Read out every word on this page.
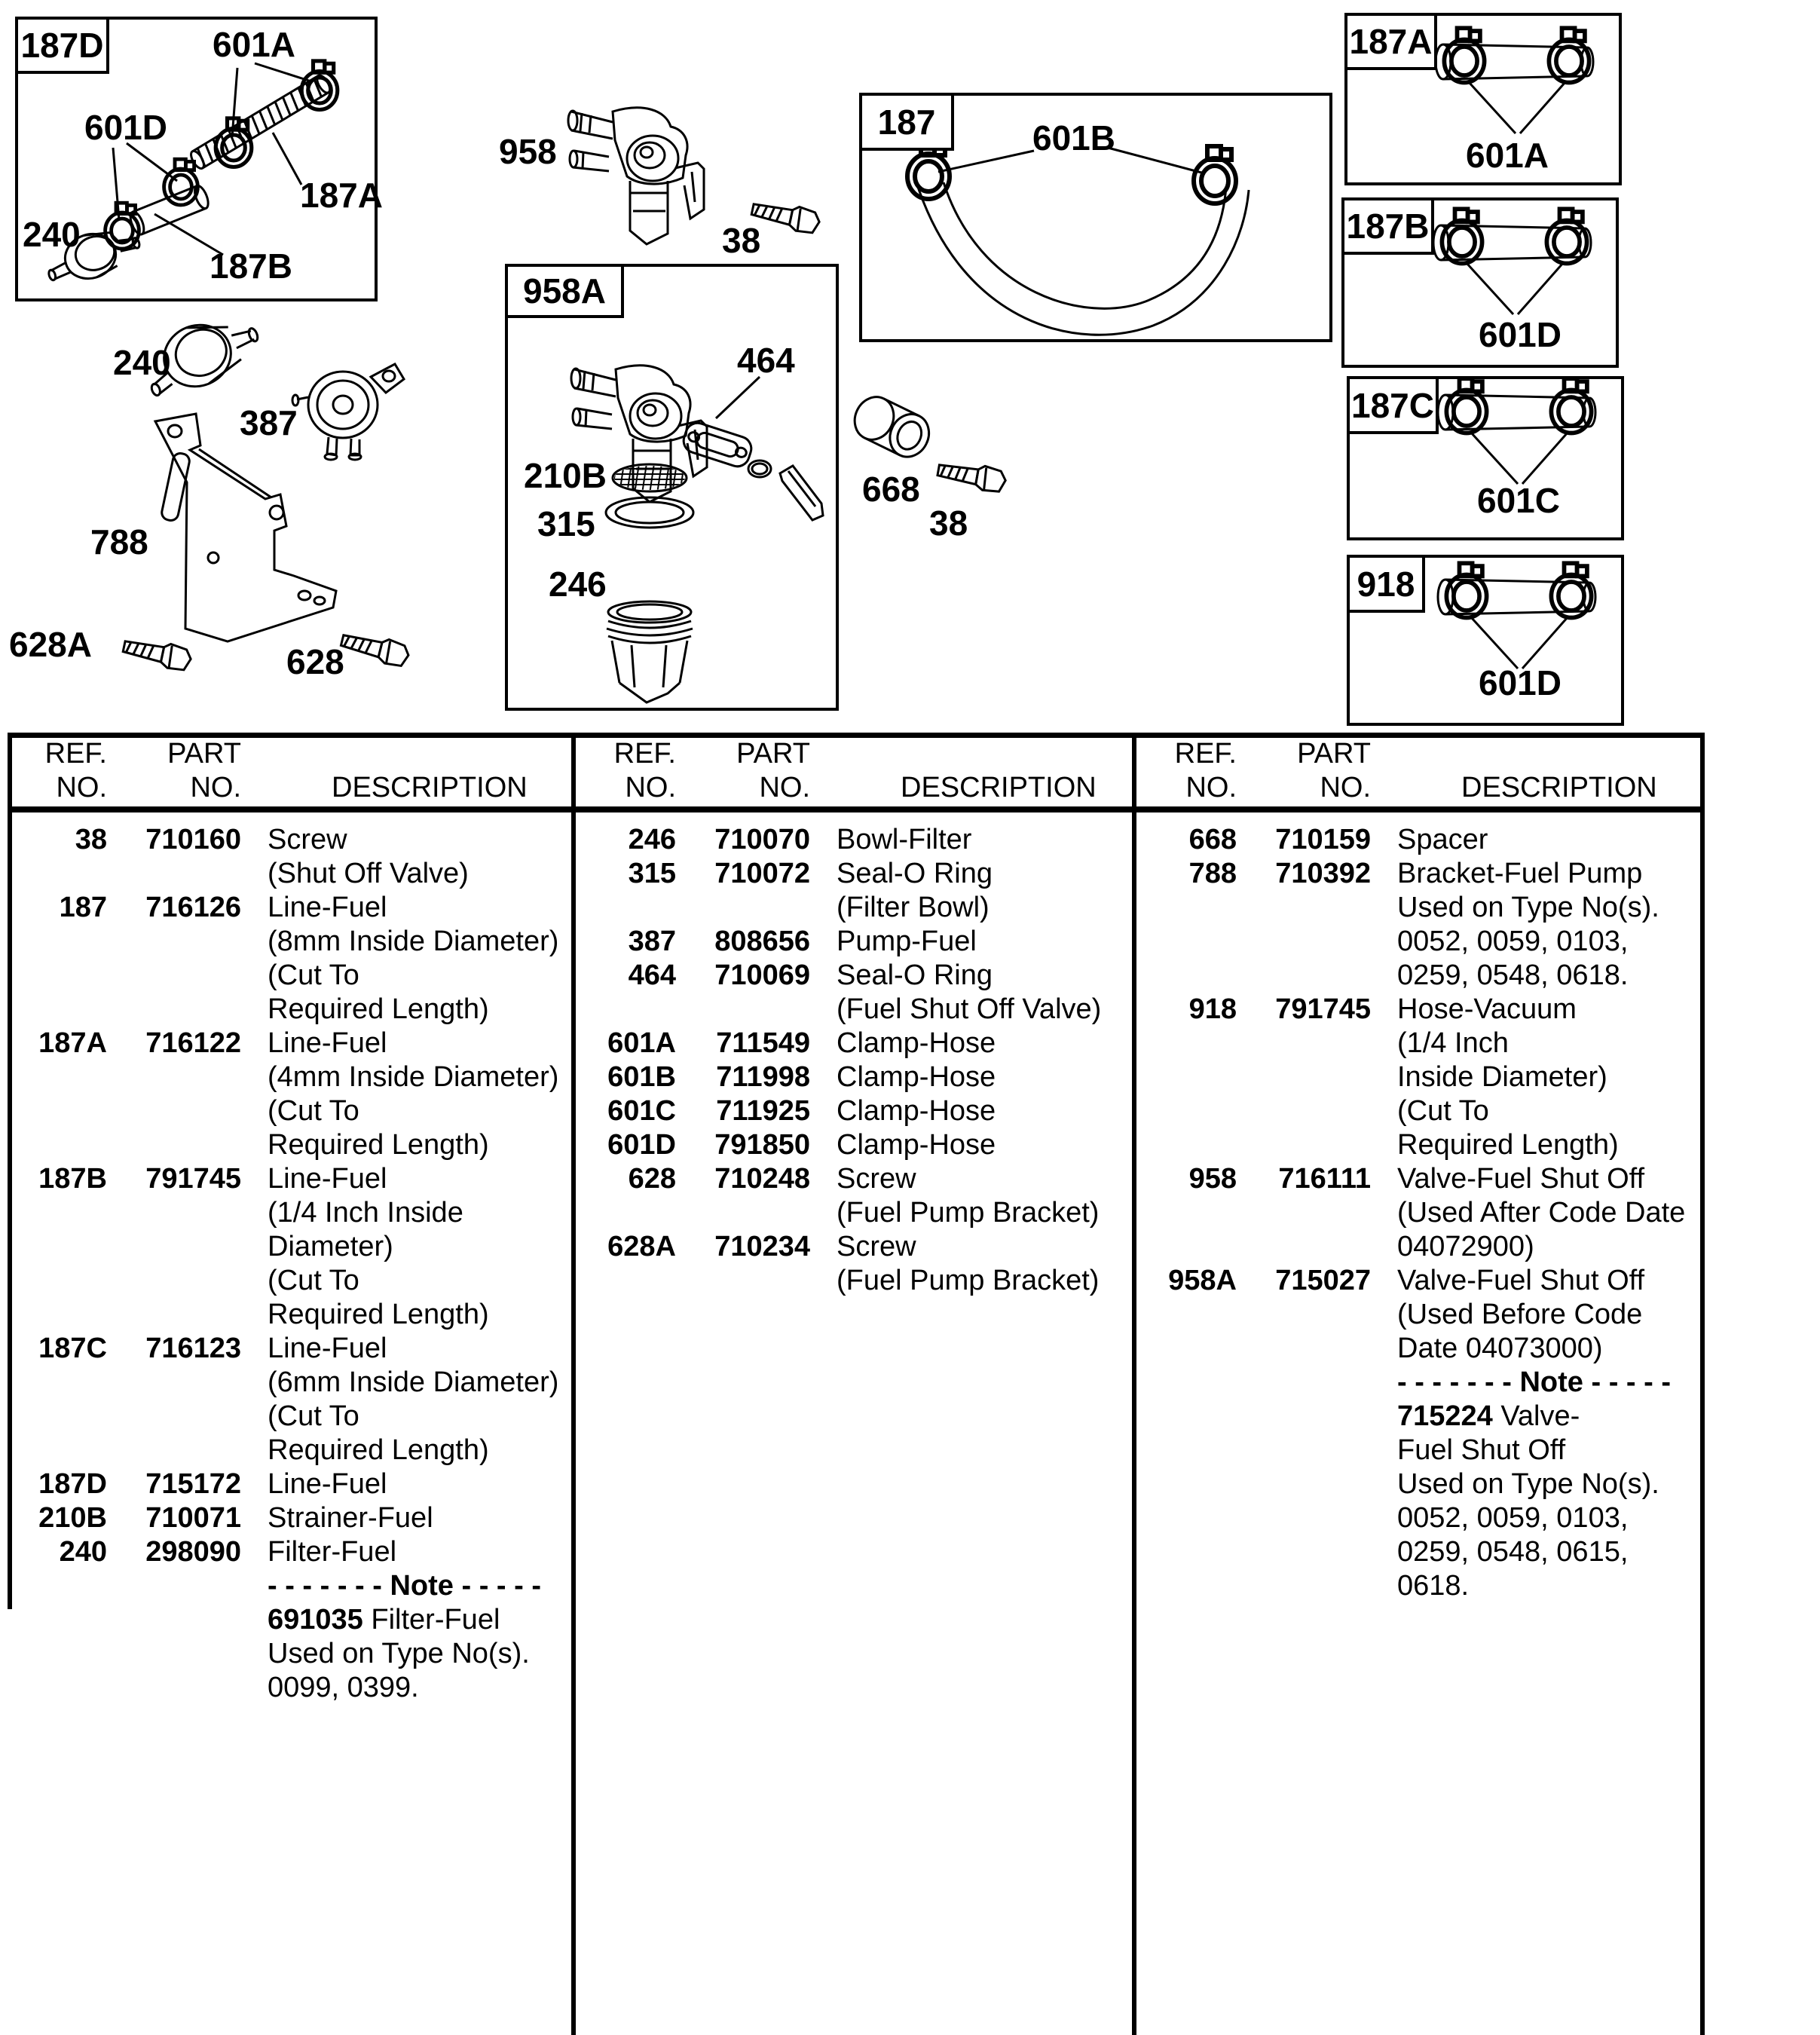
187D
958A
187
187A
187B
187C
918
601A
601D
187A
240
187B
958
38
464
210B
315
246
601B	601A
601D
601C
601D
240
387
788
628A	628
668
38
REF.	PART
NO.	NO.	DESCRIPTION
REF.	PART
NO.	NO.	DESCRIPTION
REF.	PART
NO.	NO.	DESCRIPTION
38	710160 Screw
(Shut Off Valve)
187	716126 Line-Fuel
(8mm Inside Diameter)
(Cut To
Required Length)
187A	716122 Line-Fuel
(4mm Inside Diameter)
(Cut To
Required Length)
187B	791745 Line-Fuel
(1/4 Inch Inside
Diameter)
(Cut To
Required Length)
187C	716123 Line-Fuel
(6mm Inside Diameter)
(Cut To
Required Length)
187D	715172 Line-Fuel
210B	710071 Strainer-Fuel
240	298090 Filter-Fuel
- - - - - - - Note - - - - -
691035 Filter-Fuel
Used on Type No(s).
0099, 0399.
246	710070 Bowl-Filter
315	710072 Seal-O Ring
(Filter Bowl)
387	808656 Pump-Fuel
464	710069 Seal-O Ring
(Fuel Shut Off Valve)
601A	711549 Clamp-Hose
601B	711998 Clamp-Hose
601C	711925 Clamp-Hose
601D	791850 Clamp-Hose
628	710248 Screw
(Fuel Pump Bracket)
628A	710234 Screw
(Fuel Pump Bracket)
668	710159 Spacer
788	710392 Bracket-Fuel Pump
Used on Type No(s).
0052, 0059, 0103,
0259, 0548, 0618.
918	791745 Hose-Vacuum
(1/4 Inch
Inside Diameter)
(Cut To
Required Length)
958	716111 Valve-Fuel Shut Off
(Used After Code Date
04072900)
958A	715027 Valve-Fuel Shut Off
(Used Before Code
Date 04073000)
- - - - - - - Note - - - - -
715224 Valve-
Fuel Shut Off
Used on Type No(s).
0052, 0059, 0103,
0259, 0548, 0615,
0618.
